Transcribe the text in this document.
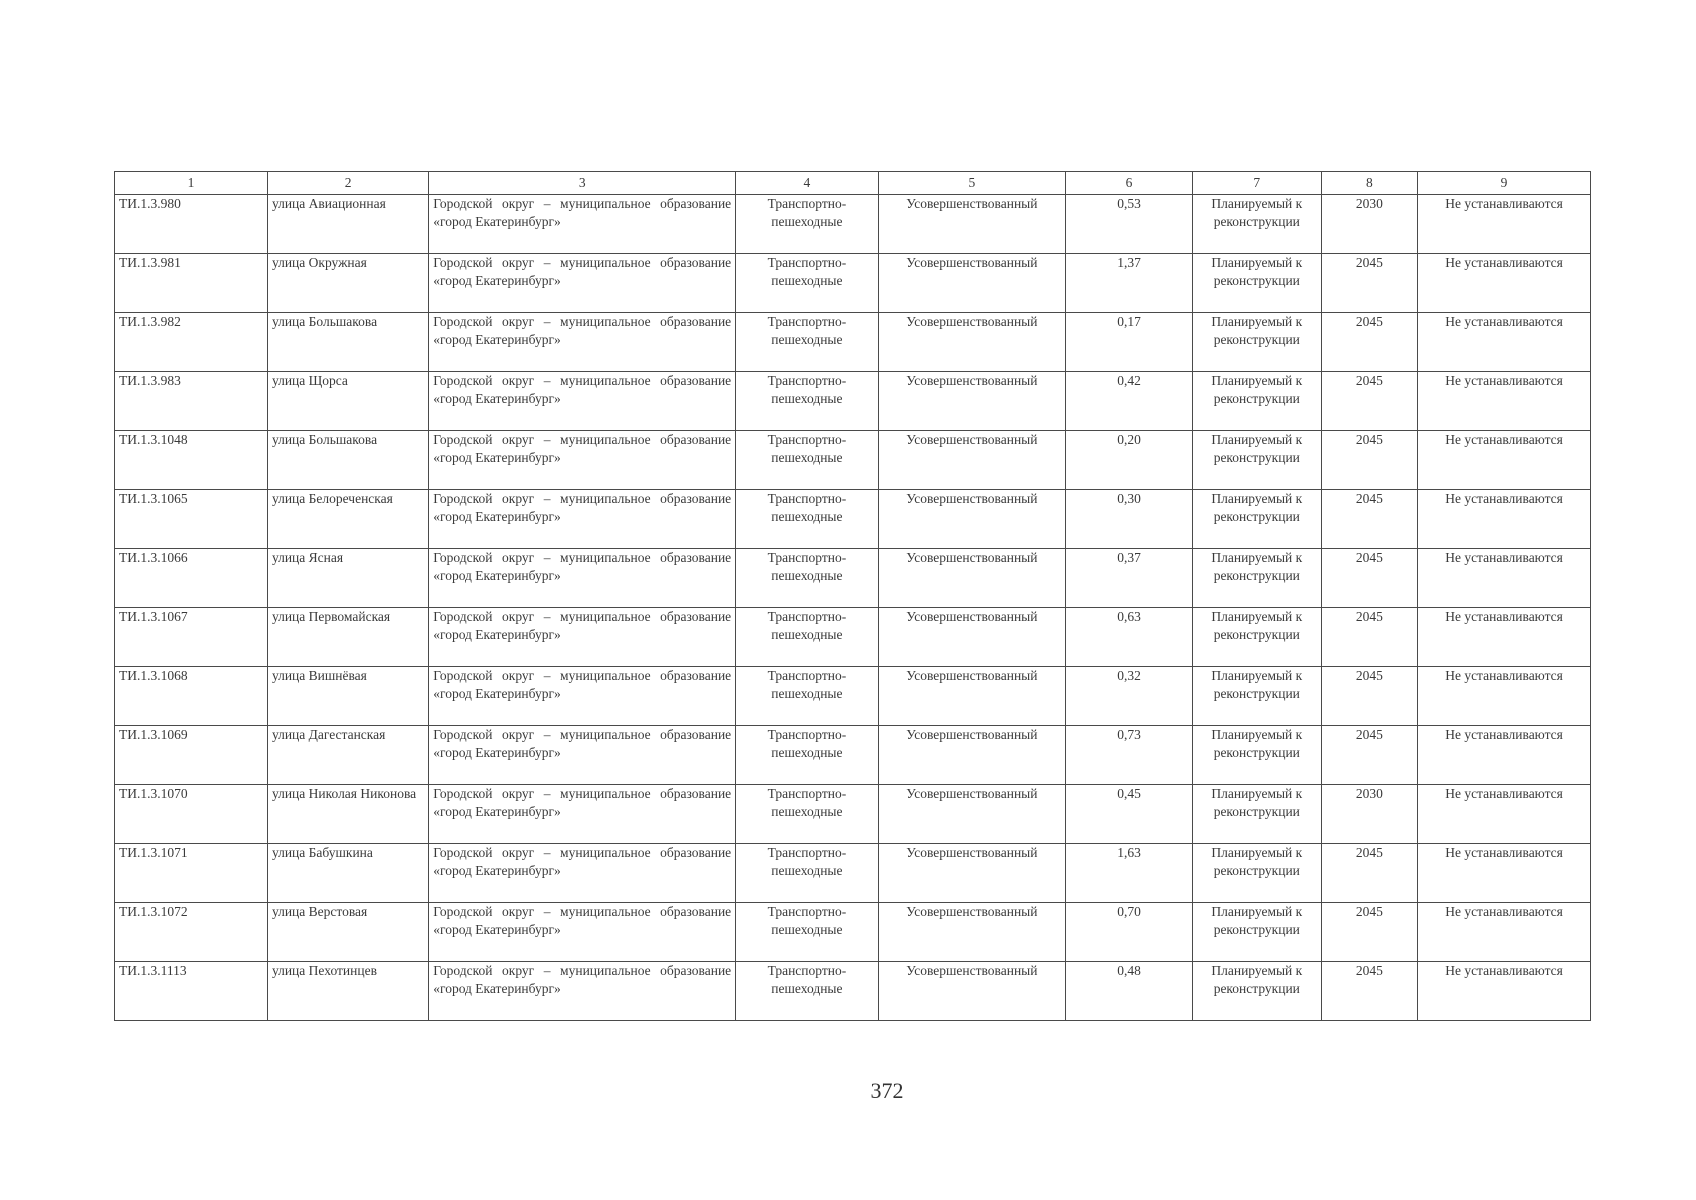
1	2	3	4	5	6	7	8	9
ТИ.1.3.980	улица Авиационная	Городской округ – муниципальное образование «город Екатеринбург»	Транспортно-пешеходные	Усовершенствованный	0,53	Планируемый к реконструкции	2030	Не устанавливаются
ТИ.1.3.981	улица Окружная	Городской округ – муниципальное образование «город Екатеринбург»	Транспортно-пешеходные	Усовершенствованный	1,37	Планируемый к реконструкции	2045	Не устанавливаются
ТИ.1.3.982	улица Большакова	Городской округ – муниципальное образование «город Екатеринбург»	Транспортно-пешеходные	Усовершенствованный	0,17	Планируемый к реконструкции	2045	Не устанавливаются
ТИ.1.3.983	улица Щорса	Городской округ – муниципальное образование «город Екатеринбург»	Транспортно-пешеходные	Усовершенствованный	0,42	Планируемый к реконструкции	2045	Не устанавливаются
ТИ.1.3.1048	улица Большакова	Городской округ – муниципальное образование «город Екатеринбург»	Транспортно-пешеходные	Усовершенствованный	0,20	Планируемый к реконструкции	2045	Не устанавливаются
ТИ.1.3.1065	улица Белореченская	Городской округ – муниципальное образование «город Екатеринбург»	Транспортно-пешеходные	Усовершенствованный	0,30	Планируемый к реконструкции	2045	Не устанавливаются
ТИ.1.3.1066	улица Ясная	Городской округ – муниципальное образование «город Екатеринбург»	Транспортно-пешеходные	Усовершенствованный	0,37	Планируемый к реконструкции	2045	Не устанавливаются
ТИ.1.3.1067	улица Первомайская	Городской округ – муниципальное образование «город Екатеринбург»	Транспортно-пешеходные	Усовершенствованный	0,63	Планируемый к реконструкции	2045	Не устанавливаются
ТИ.1.3.1068	улица Вишнёвая	Городской округ – муниципальное образование «город Екатеринбург»	Транспортно-пешеходные	Усовершенствованный	0,32	Планируемый к реконструкции	2045	Не устанавливаются
ТИ.1.3.1069	улица Дагестанская	Городской округ – муниципальное образование «город Екатеринбург»	Транспортно-пешеходные	Усовершенствованный	0,73	Планируемый к реконструкции	2045	Не устанавливаются
ТИ.1.3.1070	улица Николая Никонова	Городской округ – муниципальное образование «город Екатеринбург»	Транспортно-пешеходные	Усовершенствованный	0,45	Планируемый к реконструкции	2030	Не устанавливаются
ТИ.1.3.1071	улица Бабушкина	Городской округ – муниципальное образование «город Екатеринбург»	Транспортно-пешеходные	Усовершенствованный	1,63	Планируемый к реконструкции	2045	Не устанавливаются
ТИ.1.3.1072	улица Верстовая	Городской округ – муниципальное образование «город Екатеринбург»	Транспортно-пешеходные	Усовершенствованный	0,70	Планируемый к реконструкции	2045	Не устанавливаются
ТИ.1.3.1113	улица Пехотинцев	Городской округ – муниципальное образование «город Екатеринбург»	Транспортно-пешеходные	Усовершенствованный	0,48	Планируемый к реконструкции	2045	Не устанавливаются
372
